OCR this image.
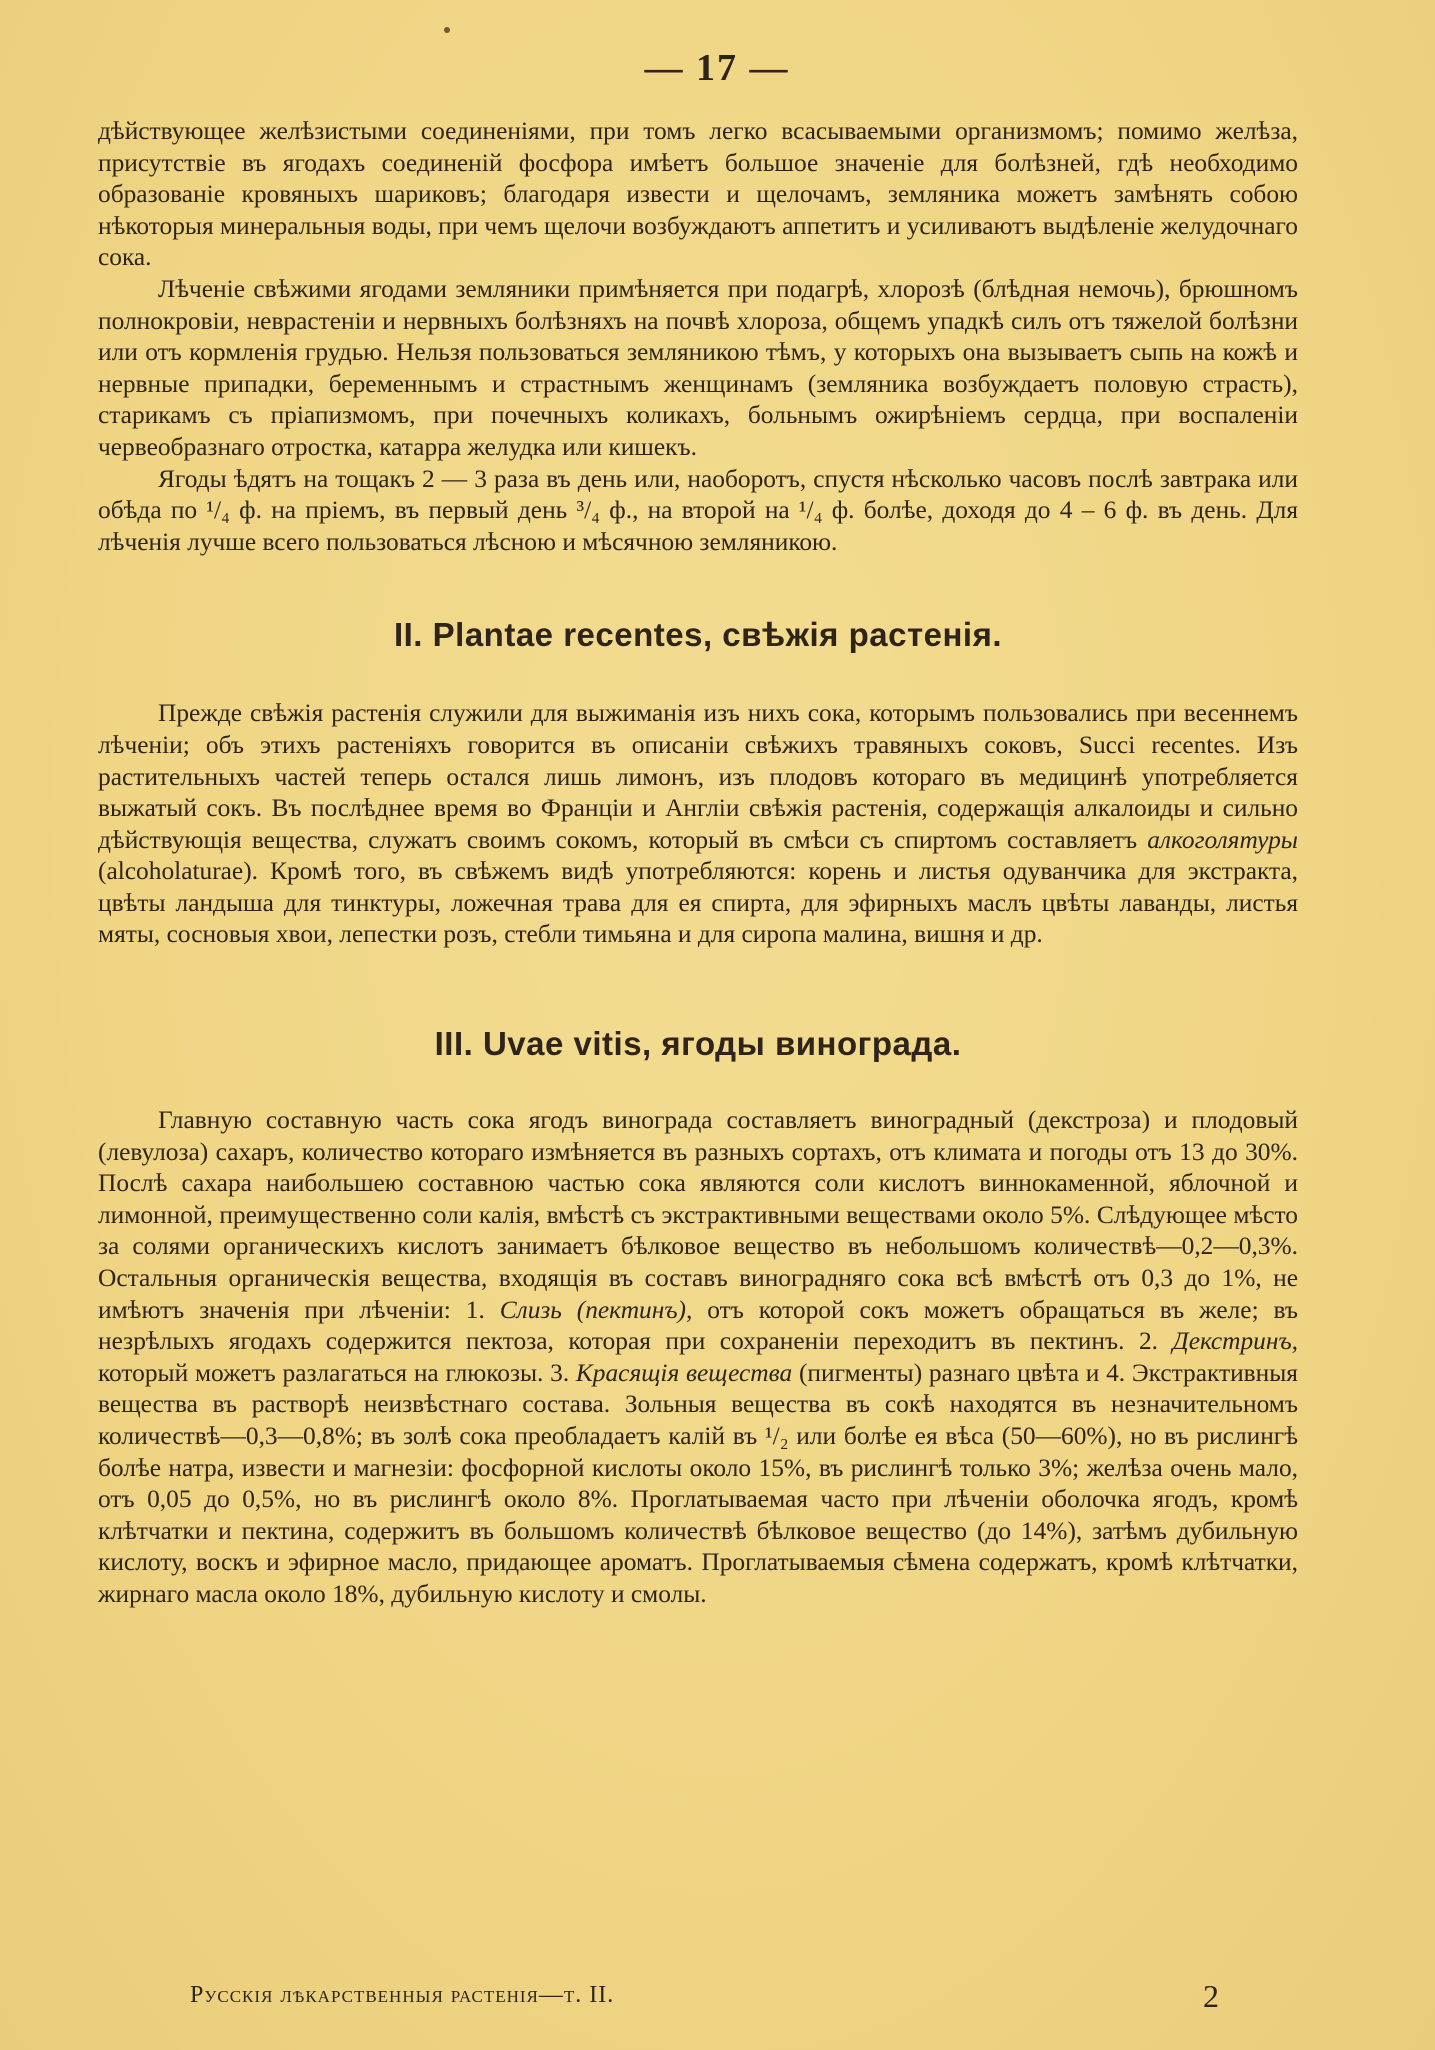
— 17 —

дѣйствующее желѣзистыми соединеніями, при томъ легко всасываемыми организмомъ; помимо желѣза, присутствіе въ ягодахъ соединеній фосфора имѣетъ большое значеніе для болѣзней, гдѣ необходимо образованіе кровяныхъ шариковъ; благодаря извести и щелочамъ, земляника можетъ замѣнять собою нѣкоторыя минеральныя воды, при чемъ щелочи возбуждаютъ аппетитъ и усиливаютъ выдѣленіе желудочнаго сока.

Лѣченіе свѣжими ягодами земляники примѣняется при подагрѣ, хлорозѣ (блѣдная немочь), брюшномъ полнокровіи, неврастеніи и нервныхъ болѣзняхъ на почвѣ хлороза, общемъ упадкѣ силъ отъ тяжелой болѣзни или отъ кормленія грудью. Нельзя пользоваться земляникою тѣмъ, у которыхъ она вызываетъ сыпь на кожѣ и нервные припадки, беременнымъ и страстнымъ женщинамъ (земляника возбуждаетъ половую страсть), старикамъ съ пріапизмомъ, при почечныхъ коликахъ, больнымъ ожирѣніемъ сердца, при воспаленіи червеобразнаго отростка, катарра желудка или кишекъ.

Ягоды ѣдятъ на тощакъ 2 — 3 раза въ день или, наоборотъ, спустя нѣсколько часовъ послѣ завтрака или обѣда по ¹/₄ ф. на пріемъ, въ первый день ³/₄ ф., на второй на ¹/₄ ф. болѣе, доходя до 4 – 6 ф. въ день. Для лѣченія лучше всего пользоваться лѣсною и мѣсячною земляникою.

II. Plantae recentes, свѣжія растенія.

Прежде свѣжія растенія служили для выжиманія изъ нихъ сока, которымъ пользовались при весеннемъ лѣченіи; объ этихъ растеніяхъ говорится въ описаніи свѣжихъ травяныхъ соковъ, Succi recentes. Изъ растительныхъ частей теперь остался лишь лимонъ, изъ плодовъ котораго въ медицинѣ употребляется выжатый сокъ. Въ послѣднее время во Франціи и Англіи свѣжія растенія, содержащія алкалоиды и сильно дѣйствующія вещества, служатъ своимъ сокомъ, который въ смѣси съ спиртомъ составляетъ алкоголятуры (alcoholaturae). Кромѣ того, въ свѣжемъ видѣ употребляются: корень и листья одуванчика для экстракта, цвѣты ландыша для тинктуры, ложечная трава для ея спирта, для эфирныхъ маслъ цвѣты лаванды, листья мяты, сосновыя хвои, лепестки розъ, стебли тимьяна и для сиропа малина, вишня и др.

III. Uvae vitis, ягоды винограда.

Главную составную часть сока ягодъ винограда составляетъ виноградный (декстроза) и плодовый (левулоза) сахаръ, количество котораго измѣняется въ разныхъ сортахъ, отъ климата и погоды отъ 13 до 30%. Послѣ сахара наибольшею составною частью сока являются соли кислотъ виннокаменной, яблочной и лимонной, преимущественно соли калія, вмѣстѣ съ экстрактивными веществами около 5%. Слѣдующее мѣсто за солями органическихъ кислотъ занимаетъ бѣлковое вещество въ небольшомъ количествѣ—0,2—0,3%. Остальныя органическія вещества, входящія въ составъ виноградняго сока всѣ вмѣстѣ отъ 0,3 до 1%, не имѣютъ значенія при лѣченіи: 1. Слизь (пектинъ), отъ которой сокъ можетъ обращаться въ желе; въ незрѣлыхъ ягодахъ содержится пектоза, которая при сохраненіи переходитъ въ пектинъ. 2. Декстринъ, который можетъ разлагаться на глюкозы. 3. Красящія вещества (пигменты) разнаго цвѣта и 4. Экстрактивныя вещества въ растворѣ неизвѣстнаго состава. Зольныя вещества въ сокѣ находятся въ незначительномъ количествѣ—0,3—0,8%; въ золѣ сока преобладаетъ калій въ ¹/₂ или болѣе ея вѣса (50—60%), но въ рислингѣ болѣе натра, извести и магнезіи: фосфорной кислоты около 15%, въ рислингѣ только 3%; желѣза очень мало, отъ 0,05 до 0,5%, но въ рислингѣ около 8%. Проглатываемая часто при лѣченіи оболочка ягодъ, кромѣ клѣтчатки и пектина, содержитъ въ большомъ количествѣ бѣлковое вещество (до 14%), затѣмъ дубильную кислоту, воскъ и эфирное масло, придающее ароматъ. Проглатываемыя сѣмена содержатъ, кромѣ клѣтчатки, жирнаго масла около 18%, дубильную кислоту и смолы.

Русскія лѣкарственныя растенія—т. II.	2
